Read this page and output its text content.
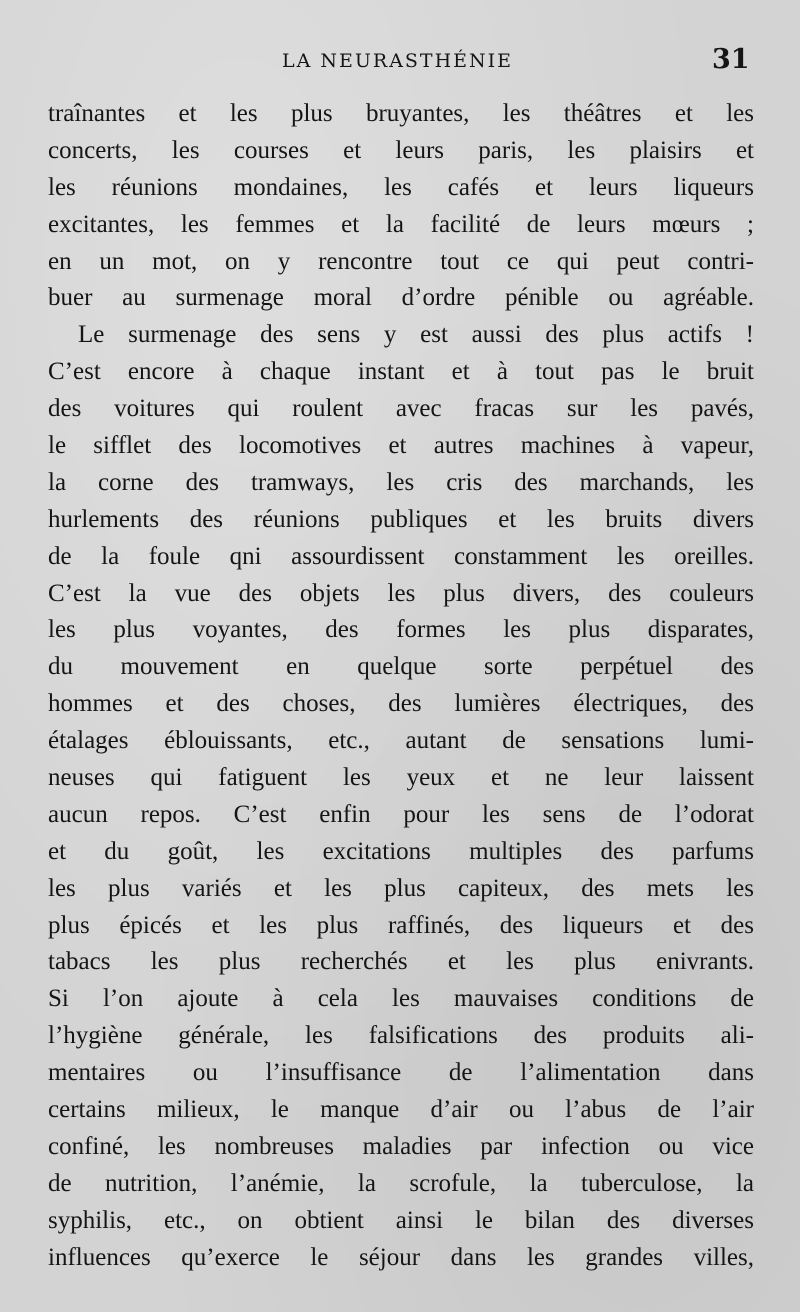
LA NEURASTHÉNIE	31
traînantes et les plus bruyantes, les théâtres et les
concerts, les courses et leurs paris, les plaisirs et
les réunions mondaines, les cafés et leurs liqueurs
excitantes, les femmes et la facilité de leurs mœurs ;
en un mot, on y rencontre tout ce qui peut contri-
buer au surmenage moral d’ordre pénible ou agréable.
Le surmenage des sens y est aussi des plus actifs !
C’est encore à chaque instant et à tout pas le bruit
des voitures qui roulent avec fracas sur les pavés,
le sifflet des locomotives et autres machines à vapeur,
la corne des tramways, les cris des marchands, les
hurlements des réunions publiques et les bruits divers
de la foule qni assourdissent constamment les oreilles.
C’est la vue des objets les plus divers, des couleurs
les plus voyantes, des formes les plus disparates,
du mouvement en quelque sorte perpétuel des
hommes et des choses, des lumières électriques, des
étalages éblouissants, etc., autant de sensations lumi-
neuses qui fatiguent les yeux et ne leur laissent
aucun repos. C’est enfin pour les sens de l’odorat
et du goût, les excitations multiples des parfums
les plus variés et les plus capiteux, des mets les
plus épicés et les plus raffinés, des liqueurs et des
tabacs les plus recherchés et les plus enivrants.
Si l’on ajoute à cela les mauvaises conditions de
l’hygiène générale, les falsifications des produits ali-
mentaires ou l’insuffisance de l’alimentation dans
certains milieux, le manque d’air ou l’abus de l’air
confiné, les nombreuses maladies par infection ou vice
de nutrition, l’anémie, la scrofule, la tuberculose, la
syphilis, etc., on obtient ainsi le bilan des diverses
influences qu’exerce le séjour dans les grandes villes,
